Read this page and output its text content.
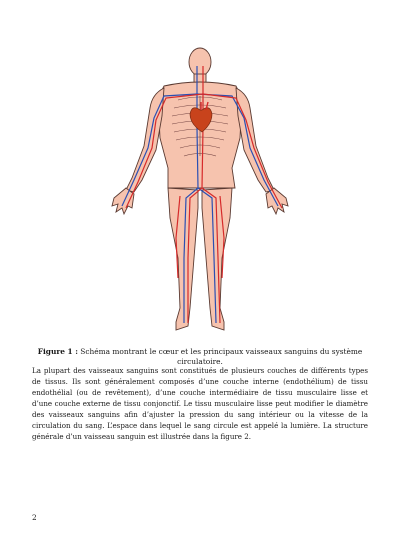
Figure 1 : Schéma montrant le cœur et les principaux vaisseaux sanguins du système circulatoire.
La plupart des vaisseaux sanguins sont constitués de plusieurs couches de différents types de tissus. Ils sont généralement composés d’une couche interne (endothélium) de tissu endothélial (ou de revêtement), d’une couche intermédiaire de tissu musculaire lisse et d’une couche externe de tissu conjonctif. Le tissu musculaire lisse peut modifier le diamètre des vaisseaux sanguins afin d’ajuster la pression du sang intérieur ou la vitesse de la circulation du sang. L’espace dans lequel le sang circule est appelé la lumière. La structure générale d’un vaisseau sanguin est illustrée dans la figure 2.
2
